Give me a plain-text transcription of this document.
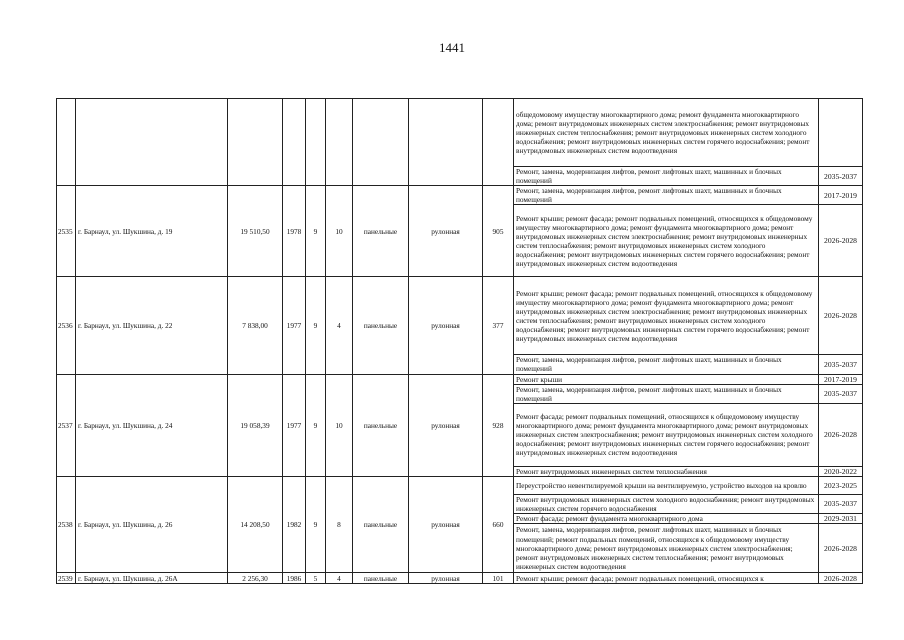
1441
									общедомовому имуществу многоквартирного дома; ремонт фундамента многоквартирного дома; ремонт внутридомовых инженерных систем электроснабжения; ремонт внутридомовых инженерных систем теплоснабжения; ремонт внутридомовых инженерных систем холодного водоснабжения; ремонт внутридомовых инженерных систем горячего водоснабжения; ремонт внутридомовых инженерных систем водоотведения	
									Ремонт, замена, модернизация лифтов, ремонт лифтовых шахт, машинных и блочных помещений	2035-2037
2535	г. Барнаул, ул. Шукшина, д. 19	19 510,50	1978	9	10	панельные	рулонная	905	Ремонт, замена, модернизация лифтов, ремонт лифтовых шахт, машинных и блочных помещений	2017-2019
									Ремонт крыши; ремонт фасада; ремонт подвальных помещений, относящихся к общедомовому имуществу многоквартирного дома; ремонт фундамента многоквартирного дома; ремонт внутридомовых инженерных систем электроснабжения; ремонт внутридомовых инженерных систем теплоснабжения; ремонт внутридомовых инженерных систем холодного водоснабжения; ремонт внутридомовых инженерных систем горячего водоснабжения; ремонт внутридомовых инженерных систем водоотведения	2026-2028
2536	г. Барнаул, ул. Шукшина, д. 22	7 838,00	1977	9	4	панельные	рулонная	377	Ремонт крыши; ремонт фасада; ремонт подвальных помещений, относящихся к общедомовому имуществу многоквартирного дома; ремонт фундамента многоквартирного дома; ремонт внутридомовых инженерных систем электроснабжения; ремонт внутридомовых инженерных систем теплоснабжения; ремонт внутридомовых инженерных систем холодного водоснабжения; ремонт внутридомовых инженерных систем горячего водоснабжения; ремонт внутридомовых инженерных систем водоотведения	2026-2028
									Ремонт, замена, модернизация лифтов, ремонт лифтовых шахт, машинных и блочных помещений	2035-2037
2537	г. Барнаул, ул. Шукшина, д. 24	19 058,39	1977	9	10	панельные	рулонная	928	Ремонт крыши	2017-2019
									Ремонт, замена, модернизация лифтов, ремонт лифтовых шахт, машинных и блочных помещений	2035-2037
									Ремонт фасада; ремонт подвальных помещений, относящихся к общедомовому имуществу многоквартирного дома; ремонт фундамента многоквартирного дома; ремонт внутридомовых инженерных систем электроснабжения; ремонт внутридомовых инженерных систем холодного водоснабжения; ремонт внутридомовых инженерных систем горячего водоснабжения; ремонт внутридомовых инженерных систем водоотведения	2026-2028
									Ремонт внутридомовых инженерных систем теплоснабжения	2020-2022
2538	г. Барнаул, ул. Шукшина, д. 26	14 208,50	1982	9	8	панельные	рулонная	660	Переустройство невентилируемой крыши на вентилируемую, устройство выходов на кровлю	2023-2025
									Ремонт внутридомовых инженерных систем холодного водоснабжения; ремонт внутридомовых инженерных систем горячего водоснабжения	2035-2037
									Ремонт фасада; ремонт фундамента многоквартирного дома	2029-2031
									Ремонт, замена, модернизация лифтов, ремонт лифтовых шахт, машинных и блочных помещений; ремонт подвальных помещений, относящихся к общедомовому имуществу многоквартирного дома; ремонт внутридомовых инженерных систем электроснабжения; ремонт внутридомовых инженерных систем теплоснабжения; ремонт внутридомовых инженерных систем водоотведения	2026-2028
2539	г. Барнаул, ул. Шукшина, д. 26А	2 256,30	1986	5	4	панельные	рулонная	101	Ремонт крыши; ремонт фасада; ремонт подвальных помещений, относящихся к	2026-2028
